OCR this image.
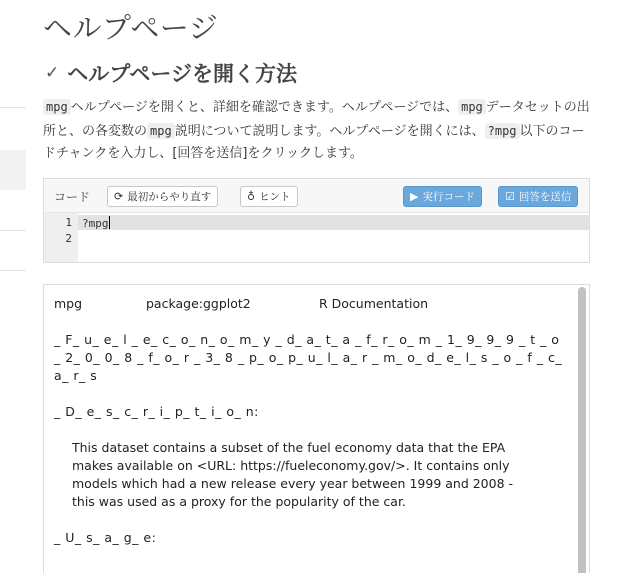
ヘルプページ
✓ ヘルプページを開く方法

mpg ヘルプページを開くと、詳細を確認できます。ヘルプページでは、 mpg データセットの出所と、の各変数の mpg 説明について説明します。ヘルプページを開くには、 ?mpg 以下のコードチャンクを入力し、[回答を送信]をクリックします。

コード ⟳ 最初からやり直す	♁ ヒント	▶ 実行コード	☑ 回答を送信
1
2
?mpg
mpg	package:ggplot2	R Documentation

_ F_ u_ e_ l _ e_ c_ o_ n_ o_ m_ y _ d_ a_ t_ a _ f_ r_ o_ m _ 1_ 9_ 9_ 9 _ t _ o _ 2_ 0_ 0_ 8 _ f_ o_ r _ 3_ 8 _ p_ o_ p_ u_ l_ a_ r _ m_ o_ d_ e_ l_ s _ o _ f _ c_ a_ r_ s

_ D_ e_ s_ c_ r_ i_ p_ t_ i_ o_ n:

This dataset contains a subset of the fuel economy data that the EPA makes available on <URL: https://fueleconomy.gov/>. It contains only models which had a new release every year between 1999 and 2008 - this was used as a proxy for the popularity of the car.

_ U_ s_ a_ g_ e:
